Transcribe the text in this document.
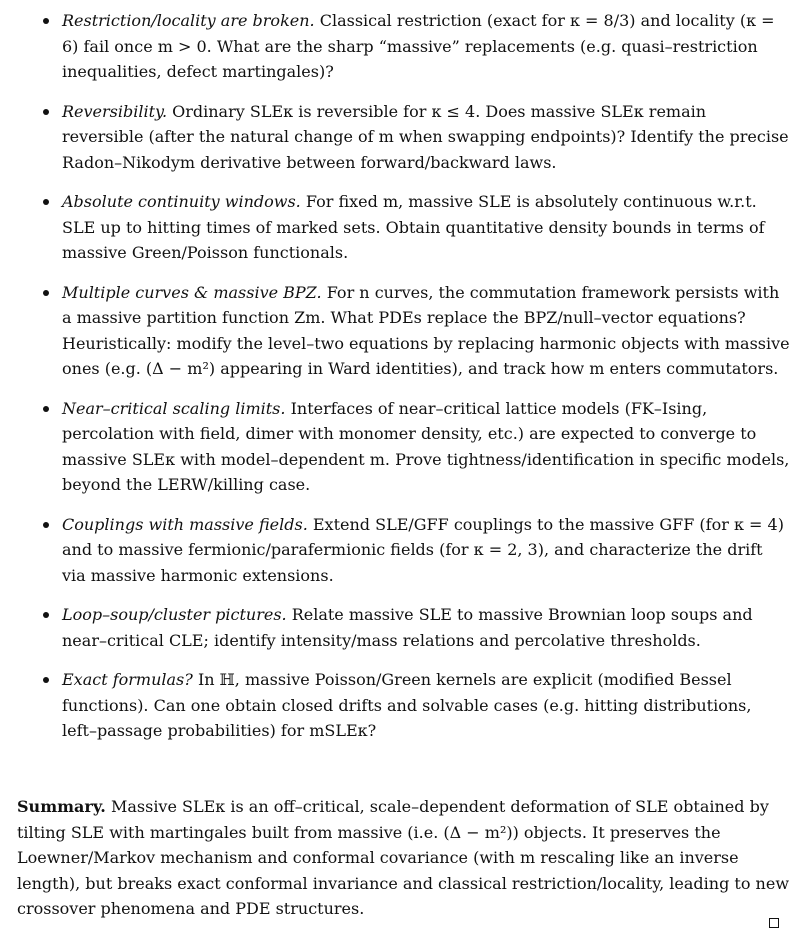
Restriction/locality are broken. Classical restriction (exact for κ = 8/3) and locality (κ = 6) fail once m > 0. What are the sharp “massive” replacements (e.g. quasi–restriction inequalities, defect martingales)?
Reversibility. Ordinary SLEκ is reversible for κ ≤ 4. Does massive SLEκ remain reversible (after the natural change of m when swapping endpoints)? Identify the precise Radon–Nikodym derivative between forward/backward laws.
Absolute continuity windows. For fixed m, massive SLE is absolutely continuous w.r.t. SLE up to hitting times of marked sets. Obtain quantitative density bounds in terms of massive Green/Poisson functionals.
Multiple curves & massive BPZ. For n curves, the commutation framework persists with a massive partition function Zm. What PDEs replace the BPZ/null–vector equations? Heuristically: modify the level–two equations by replacing harmonic objects with massive ones (e.g. (Δ − m²) appearing in Ward identities), and track how m enters commutators.
Near–critical scaling limits. Interfaces of near–critical lattice models (FK–Ising, percolation with field, dimer with monomer density, etc.) are expected to converge to massive SLEκ with model–dependent m. Prove tightness/identification in specific models, beyond the LERW/killing case.
Couplings with massive fields. Extend SLE/GFF couplings to the massive GFF (for κ = 4) and to massive fermionic/parafermionic fields (for κ = 2, 3), and characterize the drift via massive harmonic extensions.
Loop–soup/cluster pictures. Relate massive SLE to massive Brownian loop soups and near–critical CLE; identify intensity/mass relations and percolative thresholds.
Exact formulas? In ℍ, massive Poisson/Green kernels are explicit (modified Bessel functions). Can one obtain closed drifts and solvable cases (e.g. hitting distributions, left–passage probabilities) for mSLEκ?

Summary. Massive SLEκ is an off–critical, scale–dependent deformation of SLE obtained by tilting SLE with martingales built from massive (i.e. (Δ − m²)) objects. It preserves the Loewner/Markov mechanism and conformal covariance (with m rescaling like an inverse length), but breaks exact conformal invariance and classical restriction/locality, leading to new crossover phenomena and PDE structures.
